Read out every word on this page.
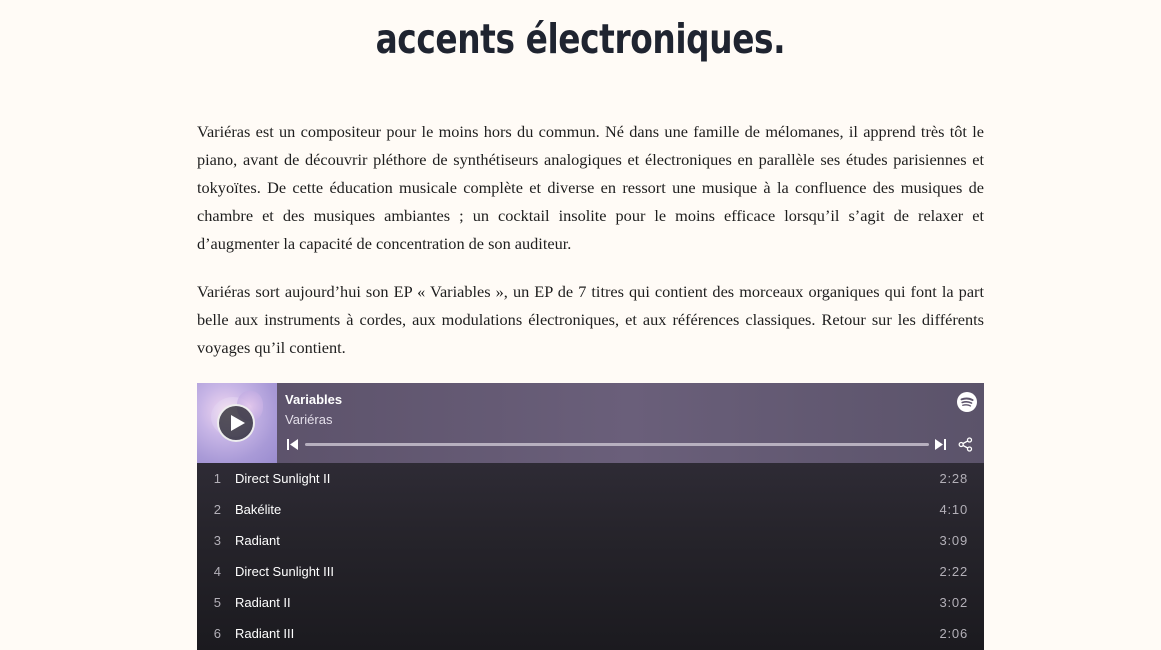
accents électroniques.

Variéras est un compositeur pour le moins hors du commun. Né dans une famille de mélomanes, il apprend très tôt le piano, avant de découvrir pléthore de synthétiseurs analogiques et électroniques en parallèle ses études parisiennes et tokyoïtes. De cette éducation musicale complète et diverse en ressort une musique à la confluence des musiques de chambre et des musiques ambiantes ; un cocktail insolite pour le moins efficace lorsqu’il s’agit de relaxer et d’augmenter la capacité de concentration de son auditeur.

Variéras sort aujourd’hui son EP « Variables », un EP de 7 titres qui contient des morceaux organiques qui font la part belle aux instruments à cordes, aux modulations électroniques, et aux références classiques. Retour sur les différents voyages qu’il contient.

Variables
Variéras
1 Direct Sunlight II	2:28
2 Bakélite	4:10
3 Radiant	3:09
4 Direct Sunlight III	2:22
5 Radiant II	3:02
6 Radiant III	2:06
